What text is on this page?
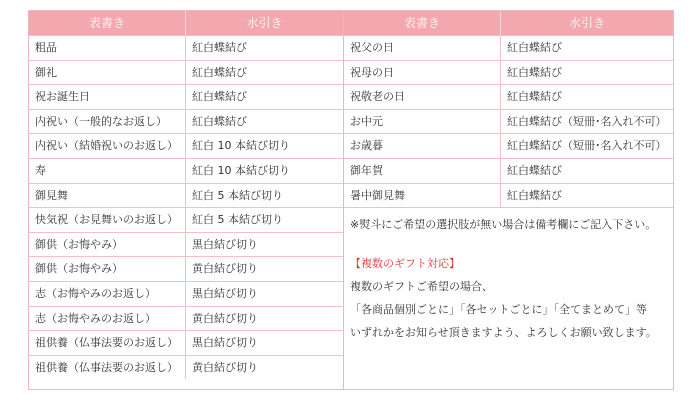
表書き	水引き
粗品	紅白蝶結び
御礼	紅白蝶結び
祝お誕生日	紅白蝶結び
内祝い（一般的なお返し）	紅白蝶結び
内祝い（結婚祝いのお返し）	紅白 10 本結び切り
寿	紅白 10 本結び切り
御見舞	紅白 5 本結び切り
快気祝（お見舞いのお返し）	紅白 5 本結び切り
御供（お悔やみ）	黒白結び切り
御供（お悔やみ）	黄白結び切り
志（お悔やみのお返し）	黒白結び切り
志（お悔やみのお返し）	黄白結び切り
祖供養（仏事法要のお返し）	黒白結び切り
祖供養（仏事法要のお返し）	黄白結び切り
表書き	水引き
祝父の日	紅白蝶結び
祝母の日	紅白蝶結び
祝敬老の日	紅白蝶結び
お中元	紅白蝶結び（短冊･名入れ不可）
お歳暮	紅白蝶結び（短冊･名入れ不可）
御年賀	紅白蝶結び
暑中御見舞	紅白蝶結び
※熨斗にご希望の選択肢が無い場合は備考欄にご記入下さい。
【複数のギフト対応】
複数のギフトご希望の場合、
「各商品個別ごとに」「各セットごとに」「全てまとめて」等
いずれかをお知らせ頂きますよう、よろしくお願い致します。
